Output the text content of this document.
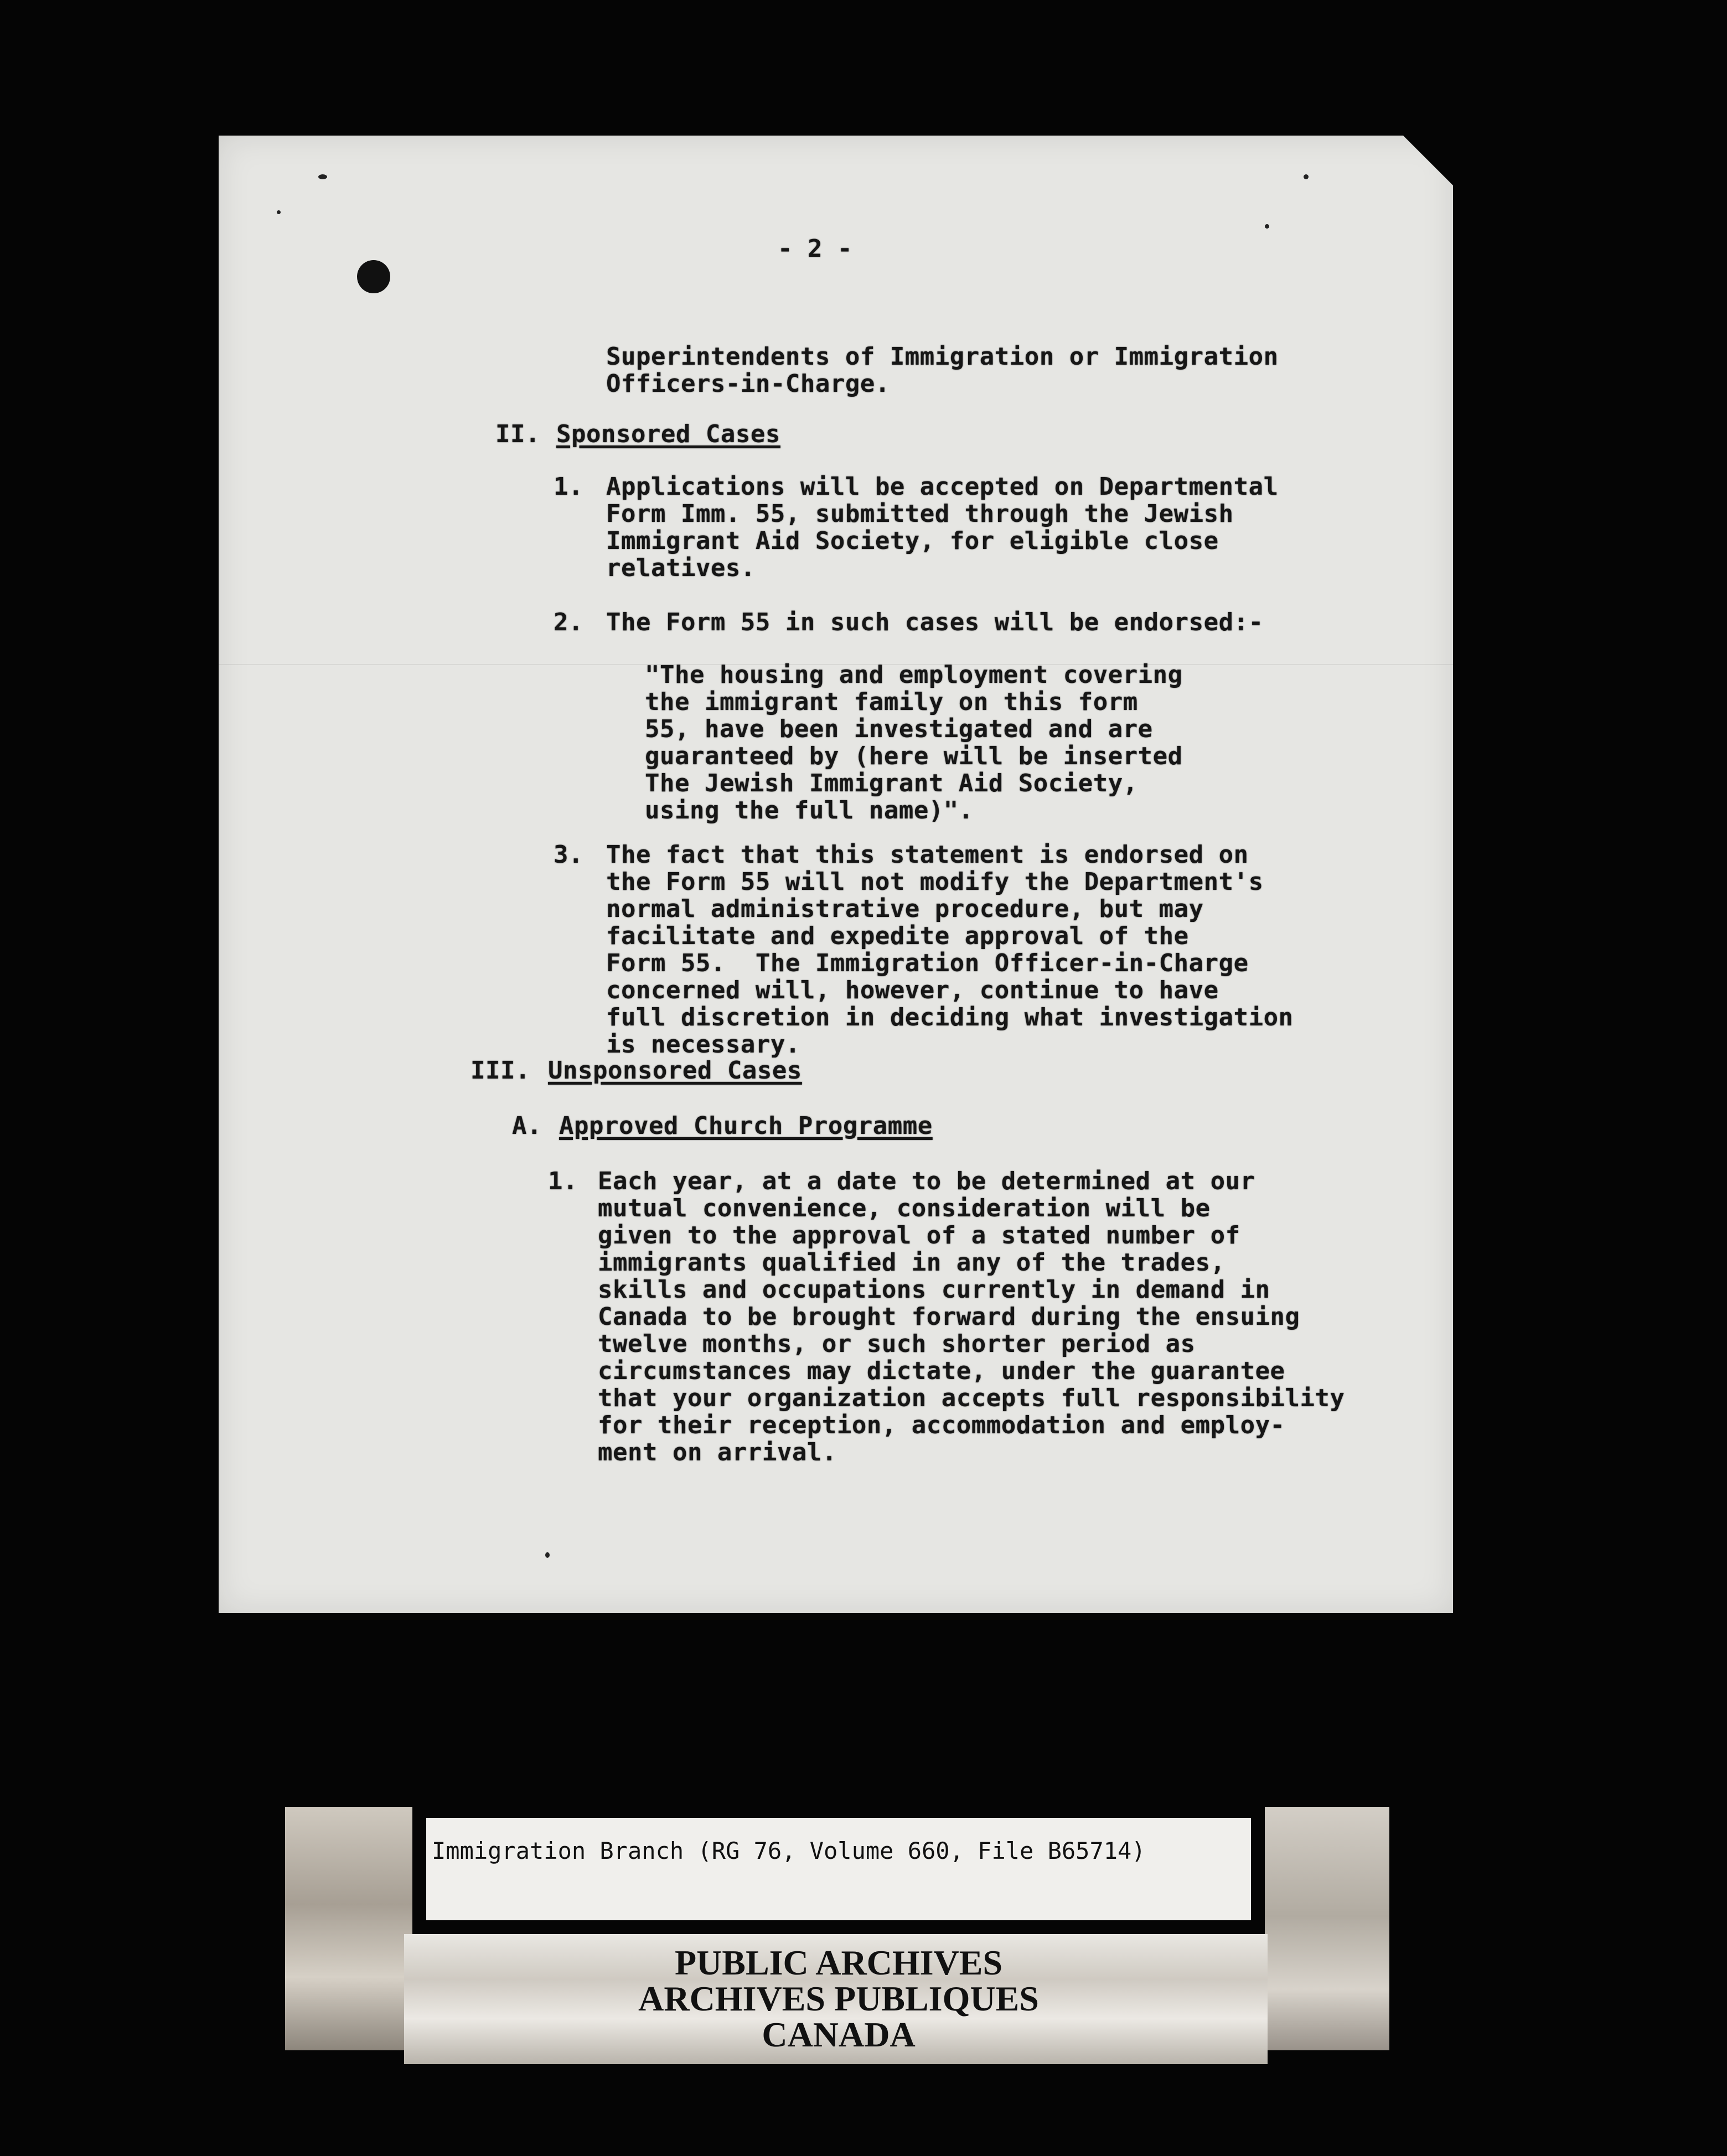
- 2 -

Superintendents of Immigration or Immigration
Officers-in-Charge.

II. Sponsored Cases

1. Applications will be accepted on Departmental
Form Imm. 55, submitted through the Jewish
Immigrant Aid Society, for eligible close
relatives.

2. The Form 55 in such cases will be endorsed:-

"The housing and employment covering
the immigrant family on this form
55, have been investigated and are
guaranteed by (here will be inserted
The Jewish Immigrant Aid Society,
using the full name)".

3. The fact that this statement is endorsed on
the Form 55 will not modify the Department's
normal administrative procedure, but may
facilitate and expedite approval of the
Form 55.  The Immigration Officer-in-Charge
concerned will, however, continue to have
full discretion in deciding what investigation
is necessary.

III. Unsponsored Cases

A. Approved Church Programme

1. Each year, at a date to be determined at our
mutual convenience, consideration will be
given to the approval of a stated number of
immigrants qualified in any of the trades,
skills and occupations currently in demand in
Canada to be brought forward during the ensuing
twelve months, or such shorter period as
circumstances may dictate, under the guarantee
that your organization accepts full responsibility
for their reception, accommodation and employ-
ment on arrival.

Immigration Branch (RG 76, Volume 660, File B65714)

PUBLIC ARCHIVES

ARCHIVES PUBLIQUES

CANADA
